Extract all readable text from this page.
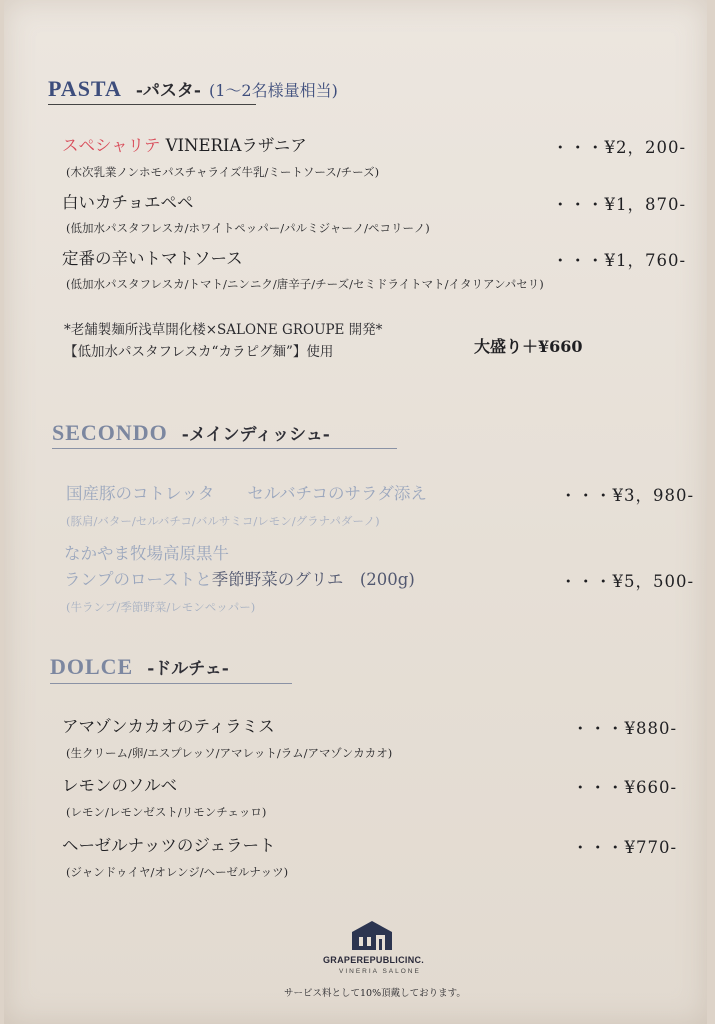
PASTA -パスタ- (1～2名様量相当)
スペシャリテ VINERIAラザニア	・・・¥2，200-
(木次乳業ノンホモパスチャライズ牛乳/ミートソース/チーズ)
白いカチョエペペ	・・・¥1，870-
(低加水パスタフレスカ/ホワイトペッパー/パルミジャーノ/ペコリーノ)
定番の辛いトマトソース	・・・¥1，760-
(低加水パスタフレスカ/トマト/ニンニク/唐辛子/チーズ/セミドライトマト/イタリアンパセリ)
*老舗製麺所浅草開化楼×SALONE GROUPE 開発*
【低加水パスタフレスカ“カラピグ麺”】使用	大盛り＋¥660
SECONDO -メインディッシュ-
国産豚のコトレッタ　　セルバチコのサラダ添え	・・・¥3，980-
(豚肩/バター/セルバチコ/バルサミコ/レモン/グラナパダーノ)
なかやま牧場高原黒牛
ランプのローストと季節野菜のグリエ　(200g)	・・・¥5，500-
(牛ランプ/季節野菜/レモンペッパー)
DOLCE -ドルチェ-
アマゾンカカオのティラミス	・・・¥880-
(生クリーム/卵/エスプレッソ/アマレット/ラム/アマゾンカカオ)
レモンのソルベ	・・・¥660-
(レモン/レモンゼスト/リモンチェッロ)
ヘーゼルナッツのジェラート	・・・¥770-
(ジャンドゥイヤ/オレンジ/ヘーゼルナッツ)
GRAPEREPUBLICINC.
VINERIA SALONE
サービス料として10%頂戴しております。
